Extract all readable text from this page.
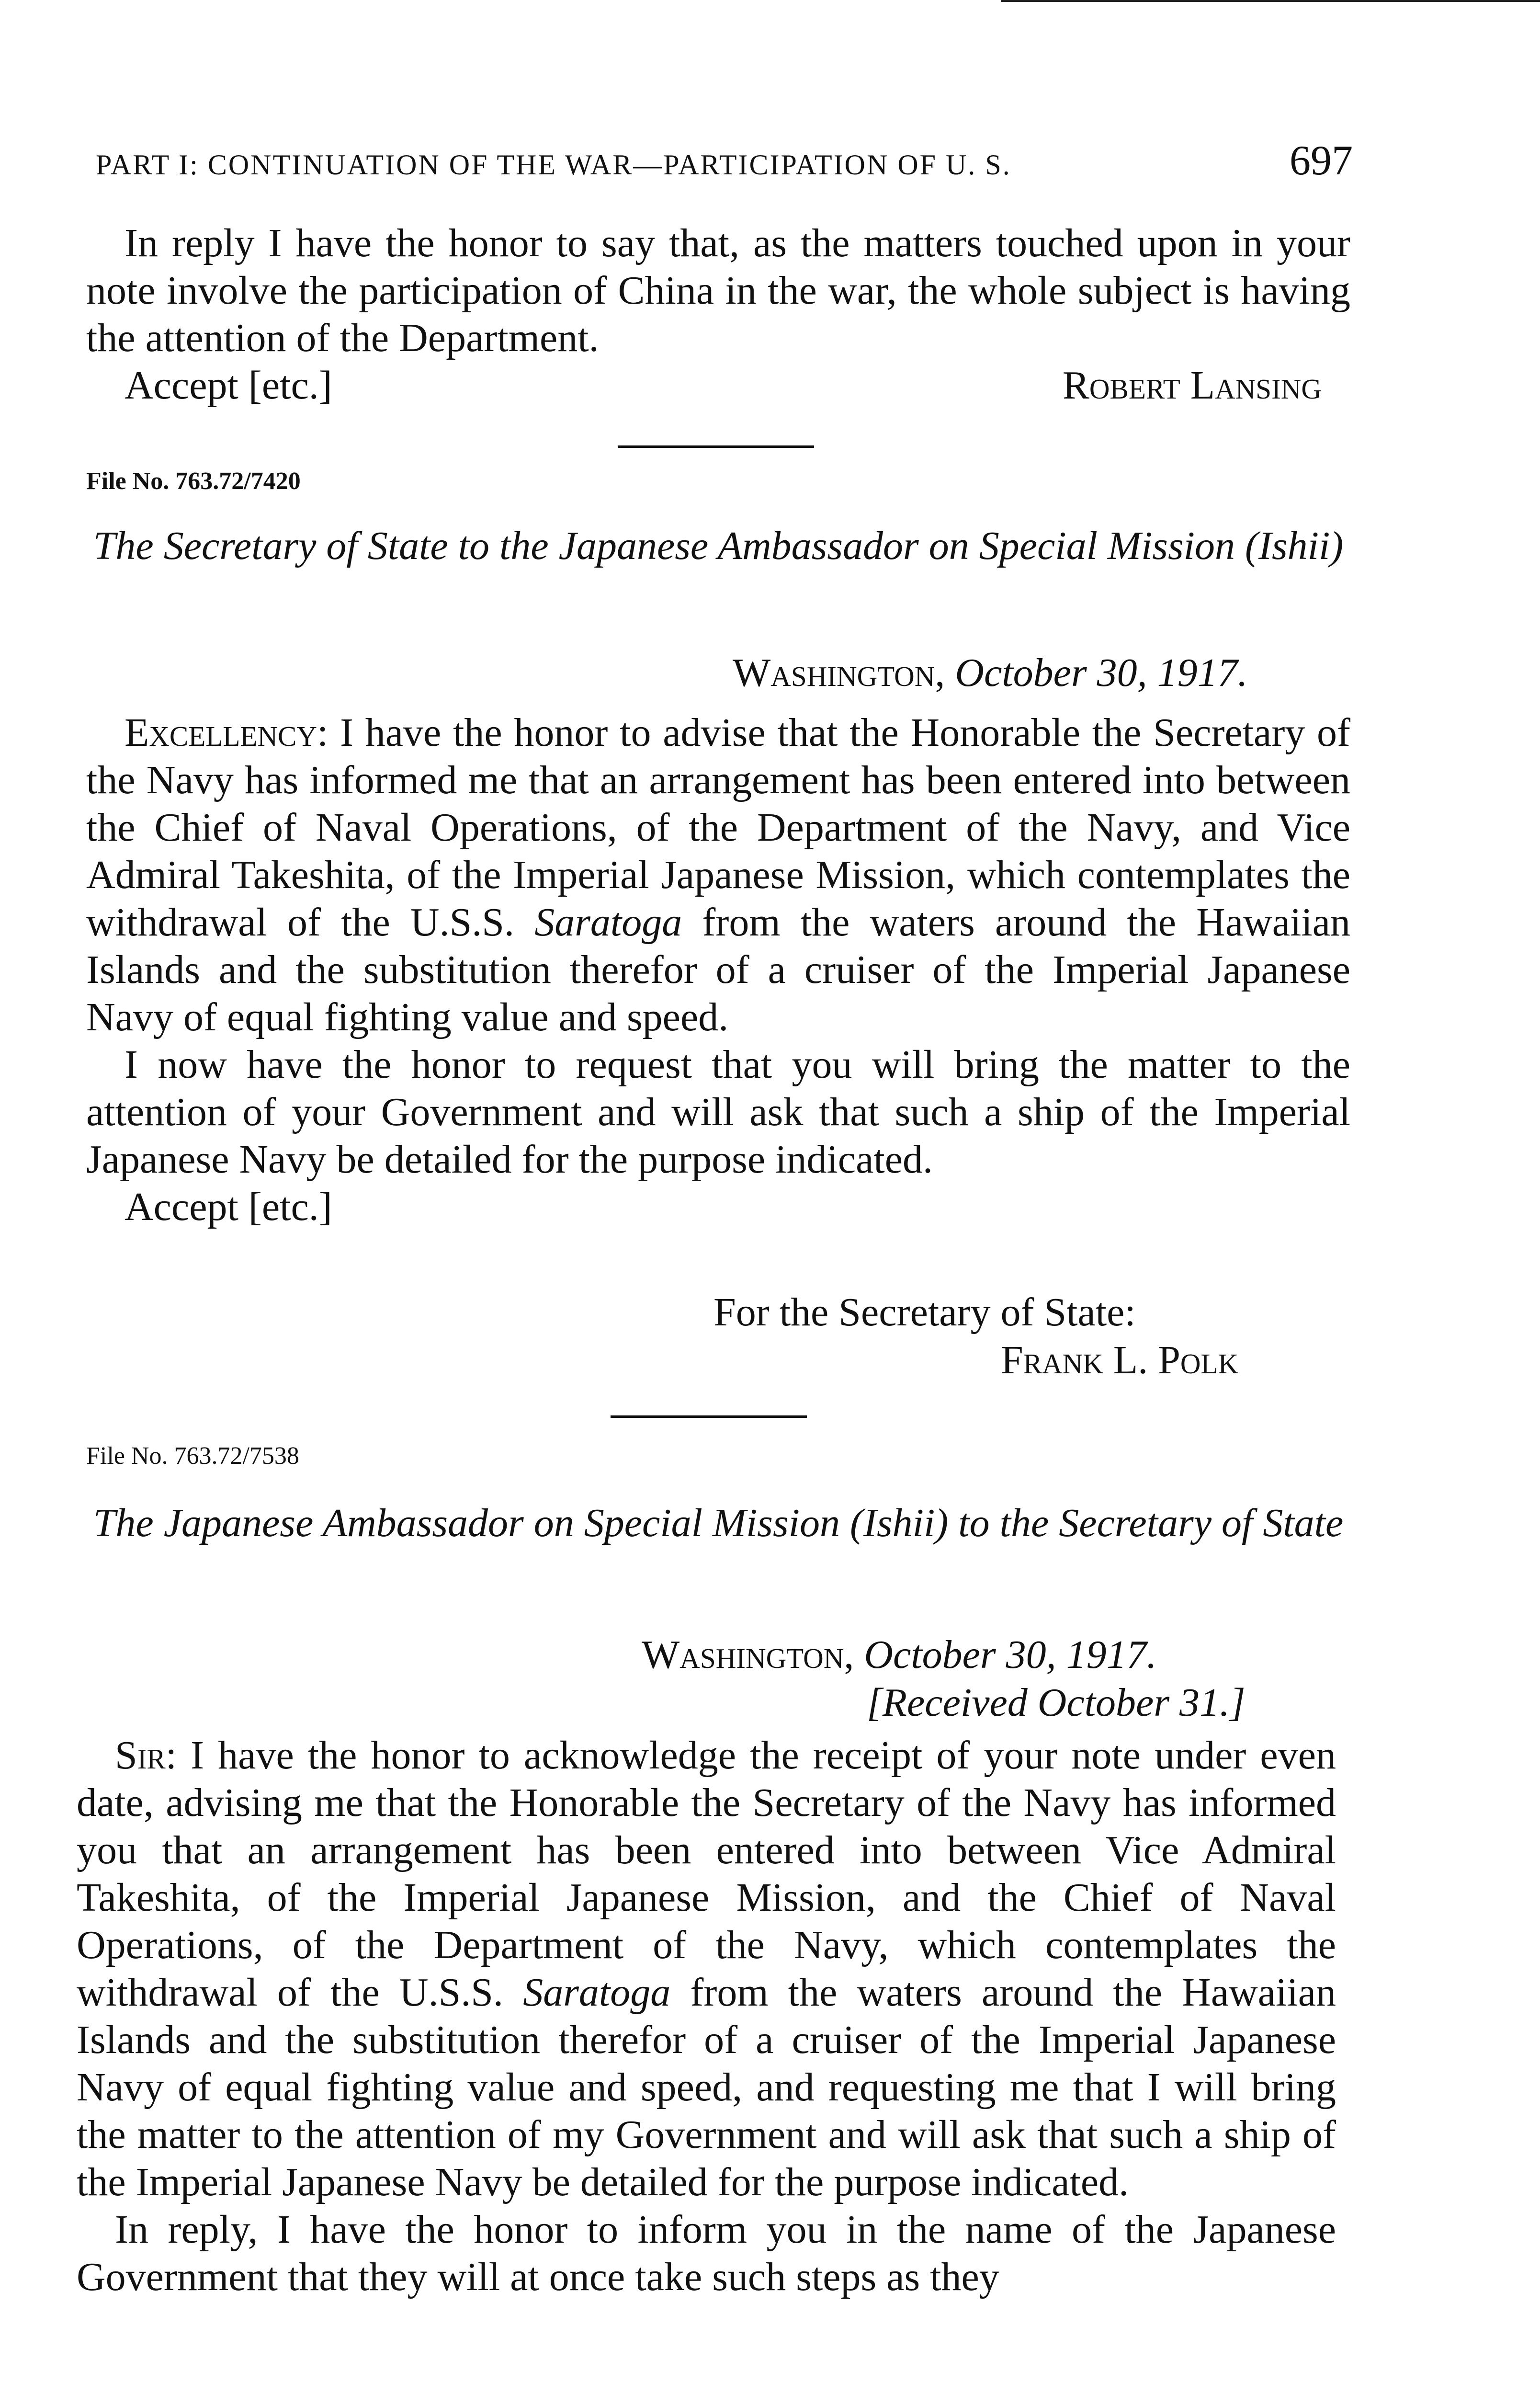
PART I: CONTINUATION OF THE WAR—PARTICIPATION OF U. S.	697

In reply I have the honor to say that, as the matters touched upon in your note involve the participation of China in the war, the whole subject is having the attention of the Department.

Accept [etc.]	Robert Lansing
File No. 763.72/7420
The Secretary of State to the Japanese Ambassador on Special Mission (Ishii)
Washington, October 30, 1917.

Excellency: I have the honor to advise that the Honorable the Secretary of the Navy has informed me that an arrangement has been entered into between the Chief of Naval Operations, of the Department of the Navy, and Vice Admiral Takeshita, of the Imperial Japanese Mission, which contemplates the withdrawal of the U.S.S. Saratoga from the waters around the Hawaiian Islands and the substitution therefor of a cruiser of the Imperial Japanese Navy of equal fighting value and speed.

I now have the honor to request that you will bring the matter to the attention of your Government and will ask that such a ship of the Imperial Japanese Navy be detailed for the purpose indicated.

Accept [etc.]
For the Secretary of State:
Frank L. Polk
File No. 763.72/7538
The Japanese Ambassador on Special Mission (Ishii) to the Secretary of State
Washington, October 30, 1917.
[Received October 31.]

Sir: I have the honor to acknowledge the receipt of your note under even date, advising me that the Honorable the Secretary of the Navy has informed you that an arrangement has been entered into between Vice Admiral Takeshita, of the Imperial Japanese Mission, and the Chief of Naval Operations, of the Department of the Navy, which contemplates the withdrawal of the U.S.S. Saratoga from the waters around the Hawaiian Islands and the substitution therefor of a cruiser of the Imperial Japanese Navy of equal fighting value and speed, and requesting me that I will bring the matter to the attention of my Government and will ask that such a ship of the Imperial Japanese Navy be detailed for the purpose indicated.

In reply, I have the honor to inform you in the name of the Japanese Government that they will at once take such steps as they
